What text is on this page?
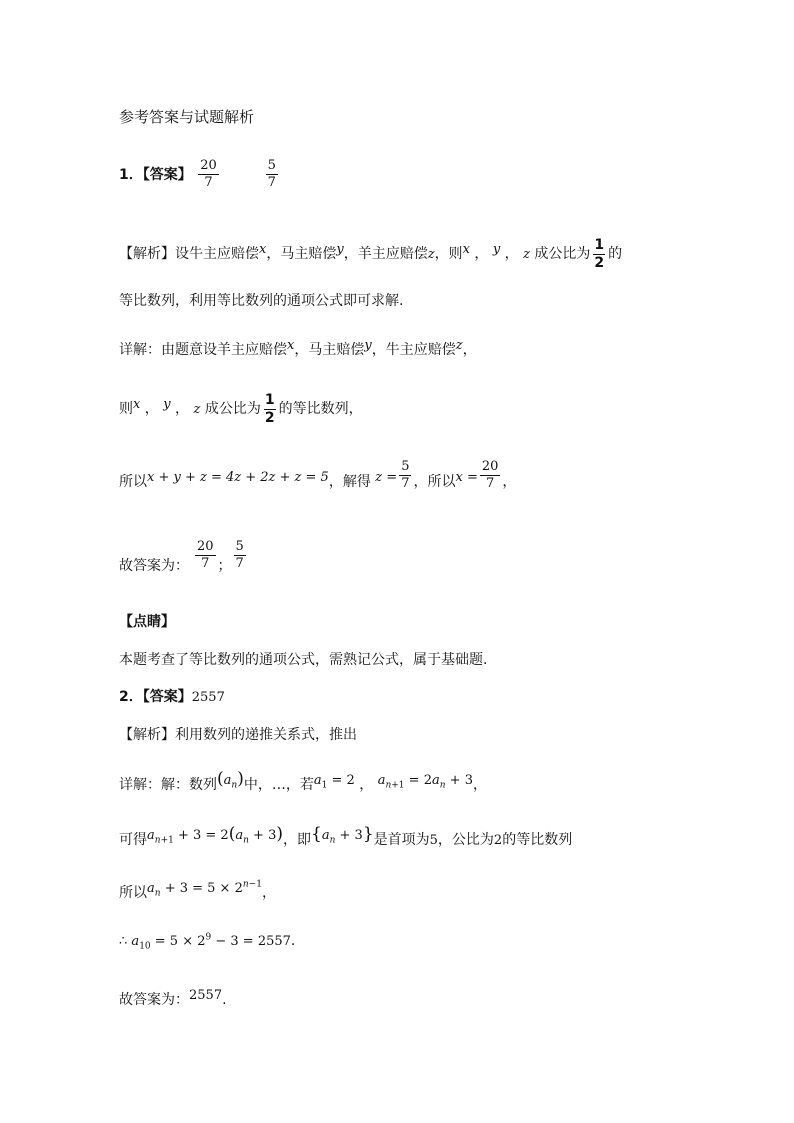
参考答案与试题解析
1．【答案】 $\frac{20}{7}$
	$\frac{5}{7}$
【解析】设牛主应赔偿x，马主赔偿y，羊主应赔偿z，则x ， y ， z 成公比为 $\frac{1}{2}$ 的
等比数列，利用等比数列的通项公式即可求解.
详解：由题意设羊主应赔偿x，马主赔偿y，牛主应赔偿z，
则x ， y ， z 成公比为 $\frac{1}{2}$ 的等比数列，
所以x + y + z = 4z + 2z + z = 5，解得 $z = \frac{5}{7}$ ，所以$x = \frac{20}{7}$ ，
故答案为： $\frac{20}{7}$ ； $\frac{5}{7}$
【点睛】
本题考查了等比数列的通项公式，需熟记公式，属于基础题.
2．【答案】2557
【解析】利用数列的递推关系式，推出
详解：解：数列$(a_n)$中，…，若$a_1 = 2$ ， $a_{n+1} = 2a_n + 3$，
可得$a_{n+1} + 3 = 2(a_n + 3)$，即$\{a_n + 3\}$是首项为5，公比为2的等比数列
所以$a_n + 3 = 5 \times 2^{n-1}$，
∴ $a_{10} = 5 \times 2^9 - 3 = 2557$.
故答案为：2557.
